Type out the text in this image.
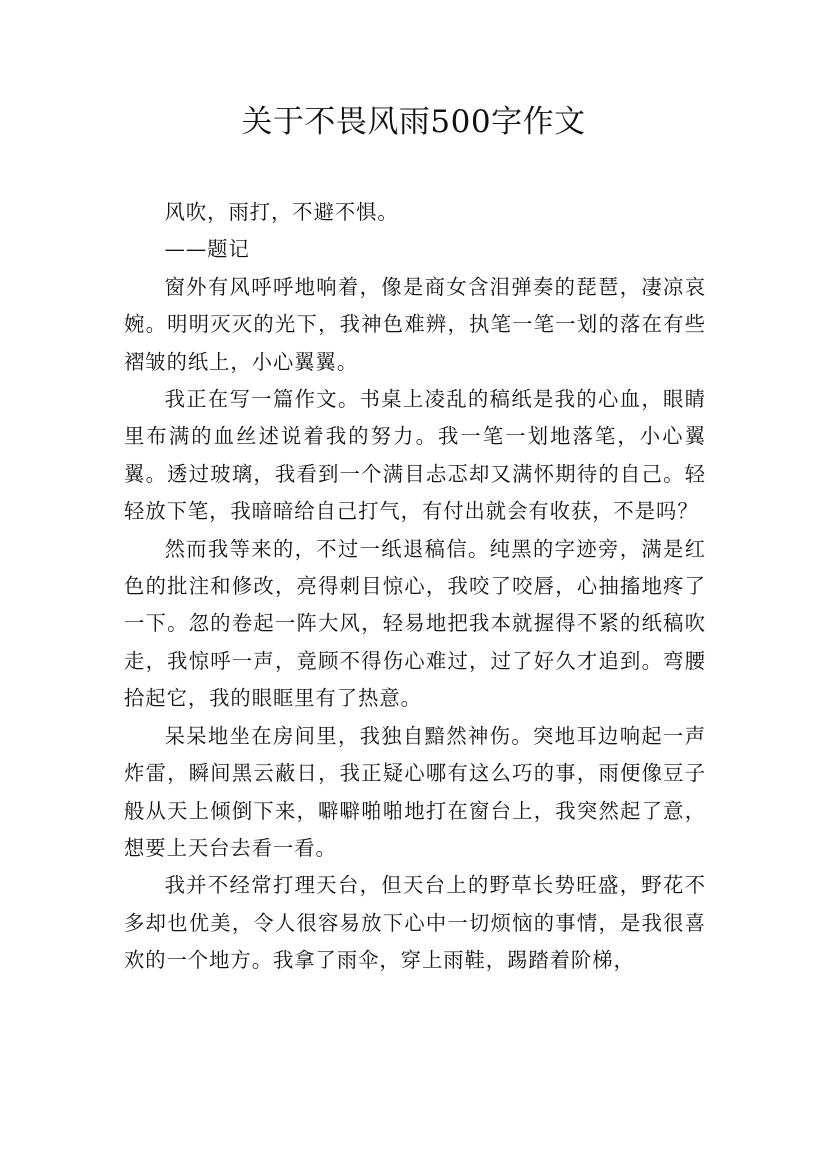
关于不畏风雨500字作文

风吹，雨打，不避不惧。

——题记

窗外有风呼呼地响着，像是商女含泪弹奏的琵琶，凄凉哀婉。明明灭灭的光下，我神色难辨，执笔一笔一划的落在有些褶皱的纸上，小心翼翼。

我正在写一篇作文。书桌上凌乱的稿纸是我的心血，眼睛里布满的血丝述说着我的努力。我一笔一划地落笔，小心翼翼。透过玻璃，我看到一个满目忐忑却又满怀期待的自己。轻轻放下笔，我暗暗给自己打气，有付出就会有收获，不是吗？

然而我等来的，不过一纸退稿信。纯黑的字迹旁，满是红色的批注和修改，亮得刺目惊心，我咬了咬唇，心抽搐地疼了一下。忽的卷起一阵大风，轻易地把我本就握得不紧的纸稿吹走，我惊呼一声，竟顾不得伤心难过，过了好久才追到。弯腰拾起它，我的眼眶里有了热意。

呆呆地坐在房间里，我独自黯然神伤。突地耳边响起一声炸雷，瞬间黑云蔽日，我正疑心哪有这么巧的事，雨便像豆子般从天上倾倒下来，噼噼啪啪地打在窗台上，我突然起了意，想要上天台去看一看。

我并不经常打理天台，但天台上的野草长势旺盛，野花不多却也优美，令人很容易放下心中一切烦恼的事情，是我很喜欢的一个地方。我拿了雨伞，穿上雨鞋，踢踏着阶梯，
